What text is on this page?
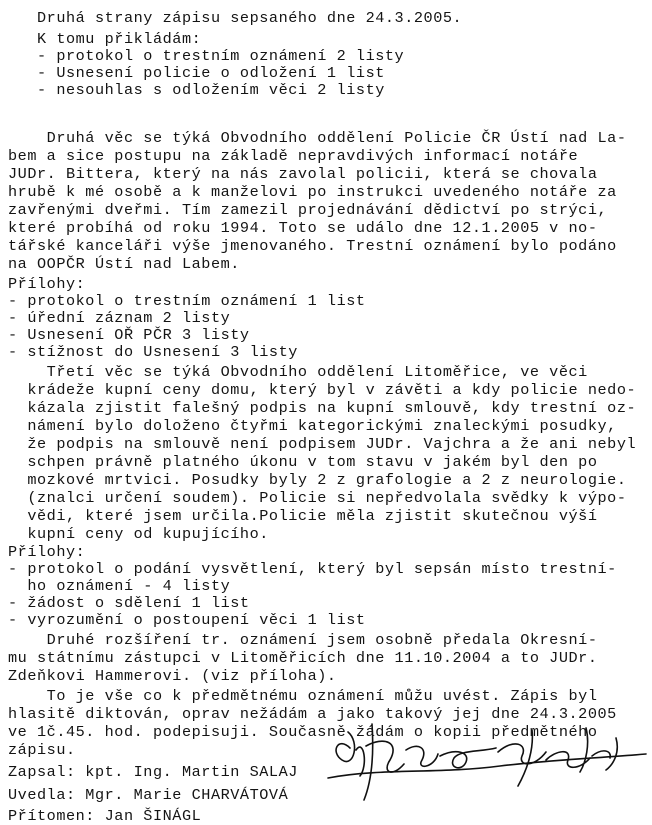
Druhá strany zápisu sepsaného dne 24.3.2005.
K tomu přikládám:
- protokol o trestním oznámení 2 listy
- Usnesení policie o odložení 1 list
- nesouhlas s odložením věci 2 listy
Druhá věc se týká Obvodního oddělení Policie ČR Ústí nad La-
bem a sice postupu na základě nepravdivých informací notáře
JUDr. Bittera, který na nás zavolal policii, která se chovala
hrubě k mé osobě a k manželovi po instrukci uvedeného notáře za
zavřenými dveřmi. Tím zamezil projednávání dědictví po strýci,
které probíhá od roku 1994. Toto se událo dne 12.1.2005 v no-
tářské kanceláři výše jmenovaného. Trestní oznámení bylo podáno
na OOPČR Ústí nad Labem.
Přílohy:
- protokol o trestním oznámení 1 list
- úřední záznam 2 listy
- Usnesení OŘ PČR 3 listy
- stížnost do Usnesení 3 listy
Třetí věc se týká Obvodního oddělení Litoměřice, ve věci
krádeže kupní ceny domu, který byl v závěti a kdy policie nedo-
kázala zjistit falešný podpis na kupní smlouvě, kdy trestní oz-
námení bylo doloženo čtyřmi kategorickými znaleckými posudky,
že podpis na smlouvě není podpisem JUDr. Vajchra a že ani nebyl
schpen právně platného úkonu v tom stavu v jakém byl den po
mozkové mrtvici. Posudky byly 2 z grafologie a 2 z neurologie.
(znalci určení soudem). Policie si nepředvolala svědky k výpo-
vědi, které jsem určila.Policie měla zjistit skutečnou výší
kupní ceny od kupujícího.
Přílohy:
- protokol o podání vysvětlení, který byl sepsán místo trestní-
ho oznámení - 4 listy
- žádost o sdělení 1 list
- vyrozumění o postoupení věci 1 list
Druhé rozšíření tr. oznámení jsem osobně předala Okresní-
mu státnímu zástupci v Litoměřicích dne 11.10.2004 a to JUDr.
Zdeňkovi Hammerovi. (viz příloha).
To je vše co k předmětnému oznámení můžu uvést. Zápis byl
hlasitě diktován, oprav nežádám a jako takový jej dne 24.3.2005
ve 1č.45. hod. podepisuji. Současně žádám o kopii předmětného
zápisu.
Zapsal: kpt. Ing. Martin SALAJ
Uvedla: Mgr. Marie CHARVÁTOVÁ
Přítomen: Jan ŠINÁGL
